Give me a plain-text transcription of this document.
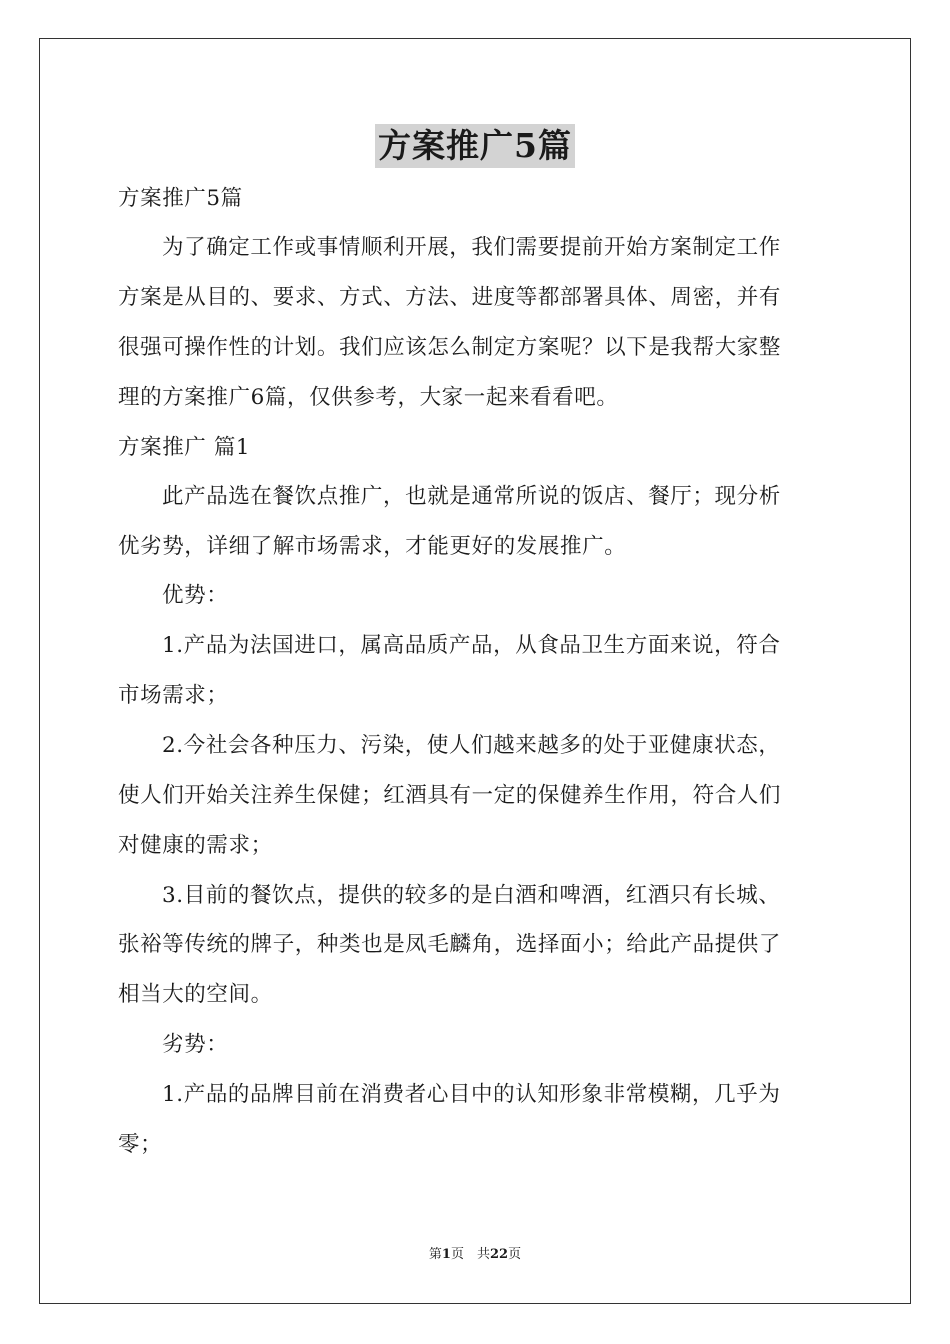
方案推广5篇
方案推广5篇
为了确定工作或事情顺利开展，我们需要提前开始方案制定工作
方案是从目的、要求、方式、方法、进度等都部署具体、周密，并有
很强可操作性的计划。我们应该怎么制定方案呢？以下是我帮大家整
理的方案推广6篇，仅供参考，大家一起来看看吧。
方案推广 篇1
此产品选在餐饮点推广，也就是通常所说的饭店、餐厅；现分析
优劣势，详细了解市场需求，才能更好的发展推广。
优势：
1.产品为法国进口，属高品质产品，从食品卫生方面来说，符合
市场需求；
2.今社会各种压力、污染，使人们越来越多的处于亚健康状态，
使人们开始关注养生保健；红酒具有一定的保健养生作用，符合人们
对健康的需求；
3.目前的餐饮点，提供的较多的是白酒和啤酒，红酒只有长城、
张裕等传统的牌子，种类也是凤毛麟角，选择面小；给此产品提供了
相当大的空间。
劣势：
1.产品的品牌目前在消费者心目中的认知形象非常模糊，几乎为
零；
第1页　共22页
